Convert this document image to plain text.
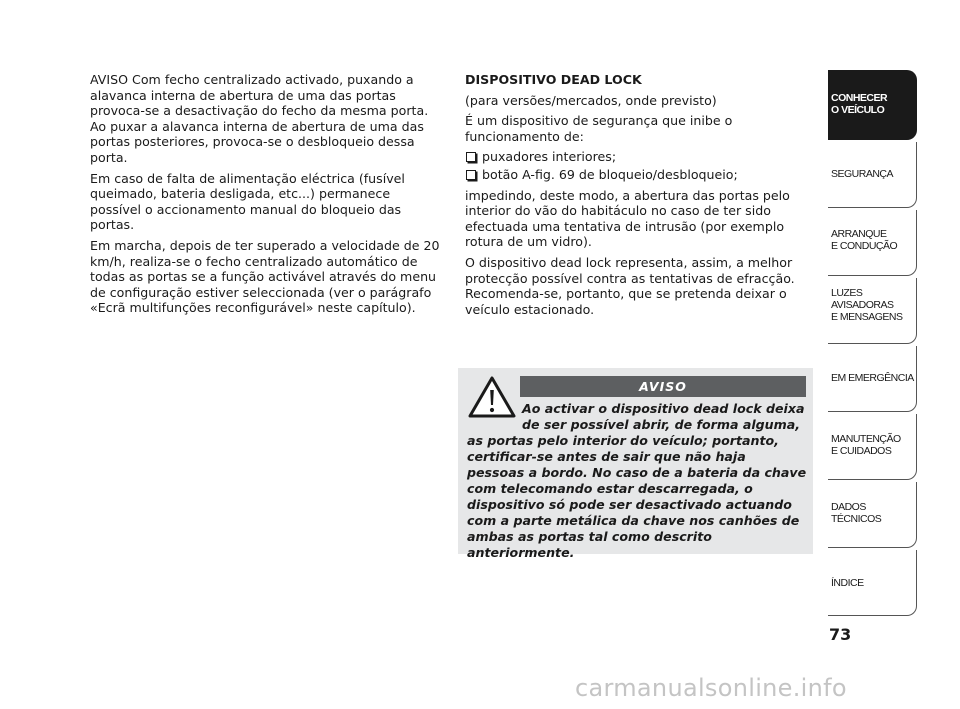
AVISO Com fecho centralizado activado, puxando a alavanca interna de abertura de uma das portas provoca-se a desactivação do fecho da mesma porta. Ao puxar a alavanca interna de abertura de uma das portas posteriores, provoca-se o desbloqueio dessa porta.

Em caso de falta de alimentação eléctrica (fusível queimado, bateria desligada, etc...) permanece possível o accionamento manual do bloqueio das portas.

Em marcha, depois de ter superado a velocidade de 20 km/h, realiza-se o fecho centralizado automático de todas as portas se a função activável através do menu de configuração estiver seleccionada (ver o parágrafo «Ecrã multifunções reconfigurável» neste capítulo).

DISPOSITIVO DEAD LOCK

(para versões/mercados, onde previsto)

É um dispositivo de segurança que inibe o funcionamento de:

puxadores interiores;
botão A-fig. 69 de bloqueio/desbloqueio;

impedindo, deste modo, a abertura das portas pelo interior do vão do habitáculo no caso de ter sido efectuada uma tentativa de intrusão (por exemplo rotura de um vidro).

O dispositivo dead lock representa, assim, a melhor protecção possível contra as tentativas de efracção. Recomenda-se, portanto, que se pretenda deixar o veículo estacionado.

AVISO
Ao activar o dispositivo dead lock deixa de ser possível abrir, de forma alguma,
as portas pelo interior do veículo; portanto, certificar-se antes de sair que não haja pessoas a bordo. No caso de a bateria da chave com telecomando estar descarregada, o dispositivo só pode ser desactivado actuando com a parte metálica da chave nos canhões de ambas as portas tal como descrito anteriormente.
CONHECER
O VEÍCULO
SEGURANÇA
ARRANQUE
E CONDUÇÃO
LUZES
AVISADORAS
E MENSAGENS
EM EMERGÊNCIA
MANUTENÇÃO
E CUIDADOS
DADOS
TÉCNICOS
ÍNDICE
73
carmanualsonline.info
